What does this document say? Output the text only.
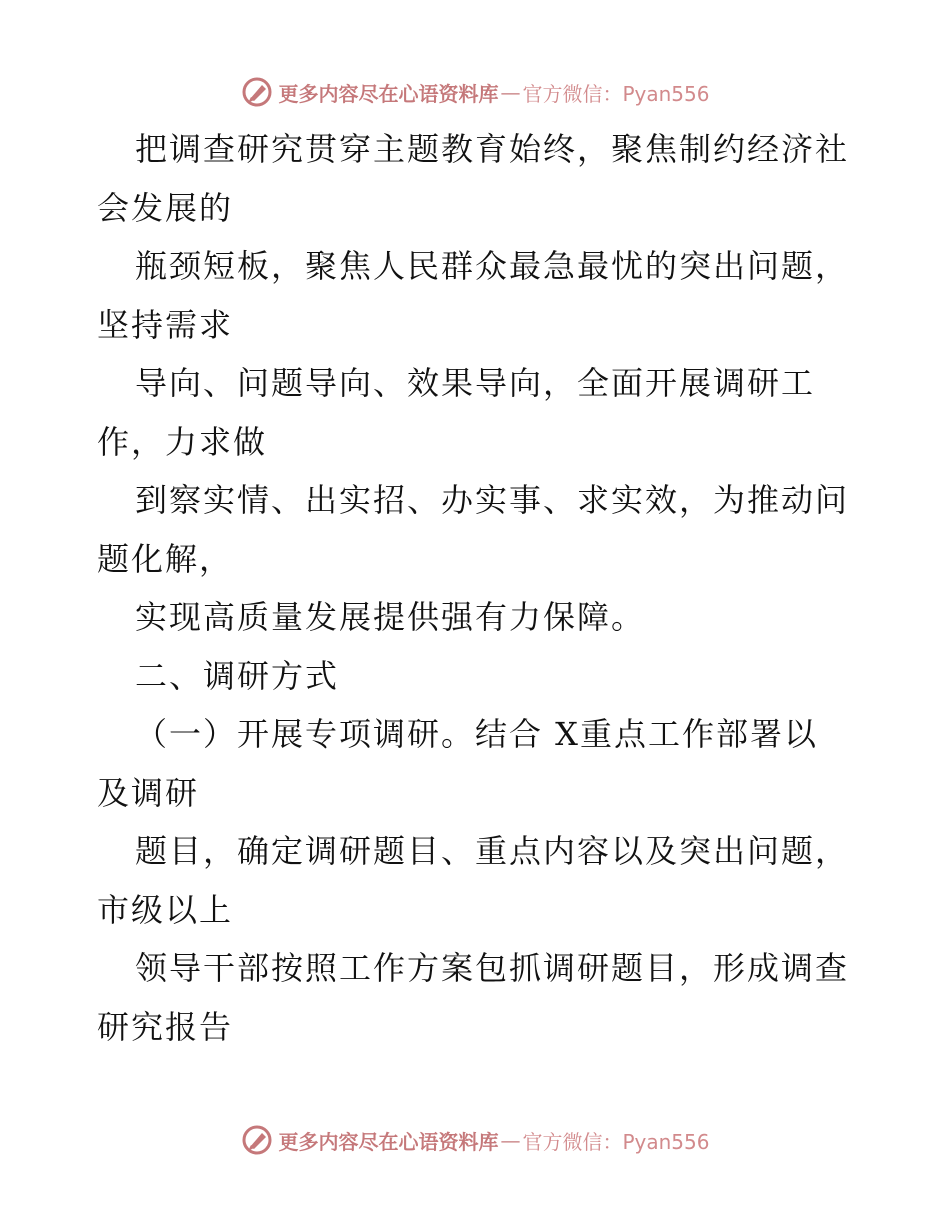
更多内容尽在心语资料库 — 官方微信：Pyan556
把调查研究贯穿主题教育始终，聚焦制约经济社
会发展的
瓶颈短板，聚焦人民群众最急最忧的突出问题，
坚持需求
导向、问题导向、效果导向，全面开展调研工
作，力求做
到察实情、出实招、办实事、求实效，为推动问
题化解，
实现高质量发展提供强有力保障。
二、调研方式
（一）开展专项调研。结合 X重点工作部署以
及调研
题目，确定调研题目、重点内容以及突出问题，
市级以上
领导干部按照工作方案包抓调研题目，形成调查
研究报告
更多内容尽在心语资料库 — 官方微信：Pyan556
